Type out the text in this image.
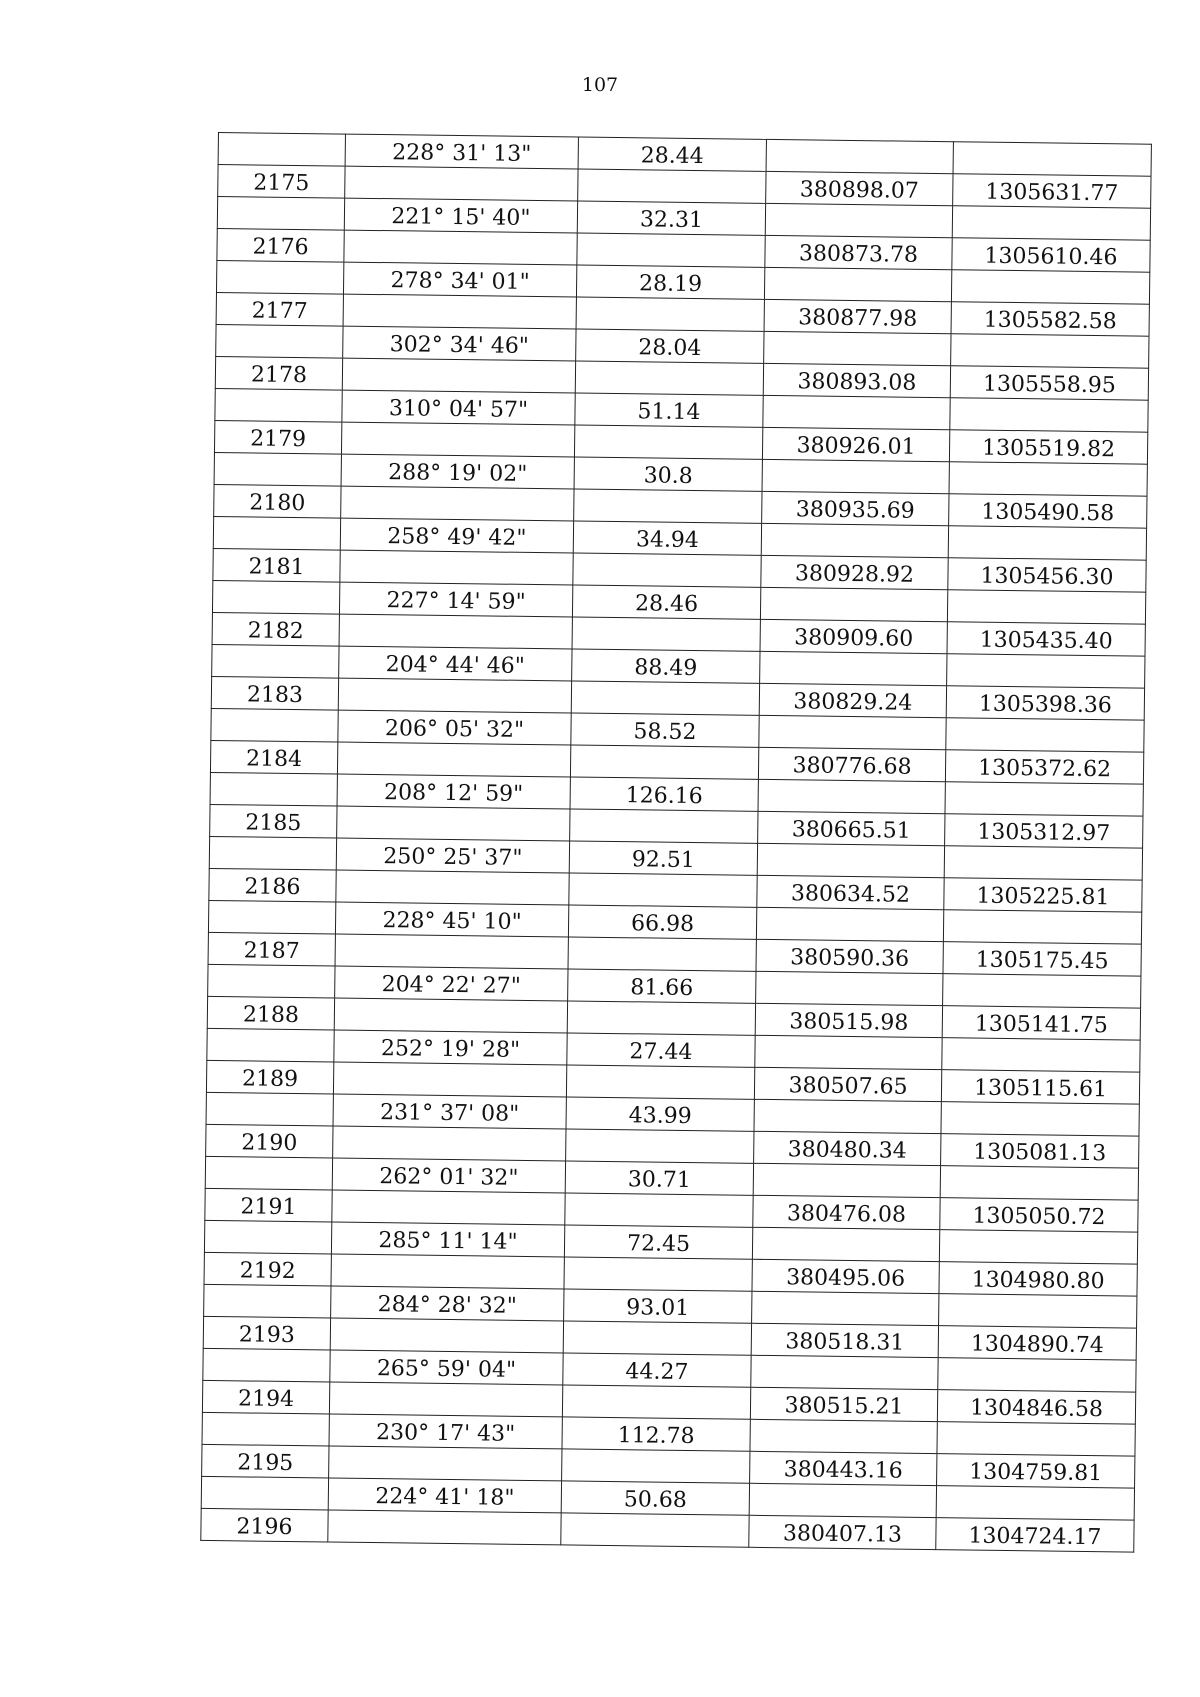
107
	228° 31' 13"	28.44		
2175			380898.07	1305631.77
	221° 15' 40"	32.31		
2176			380873.78	1305610.46
	278° 34' 01"	28.19		
2177			380877.98	1305582.58
	302° 34' 46"	28.04		
2178			380893.08	1305558.95
	310° 04' 57"	51.14		
2179			380926.01	1305519.82
	288° 19' 02"	30.8		
2180			380935.69	1305490.58
	258° 49' 42"	34.94		
2181			380928.92	1305456.30
	227° 14' 59"	28.46		
2182			380909.60	1305435.40
	204° 44' 46"	88.49		
2183			380829.24	1305398.36
	206° 05' 32"	58.52		
2184			380776.68	1305372.62
	208° 12' 59"	126.16		
2185			380665.51	1305312.97
	250° 25' 37"	92.51		
2186			380634.52	1305225.81
	228° 45' 10"	66.98		
2187			380590.36	1305175.45
	204° 22' 27"	81.66		
2188			380515.98	1305141.75
	252° 19' 28"	27.44		
2189			380507.65	1305115.61
	231° 37' 08"	43.99		
2190			380480.34	1305081.13
	262° 01' 32"	30.71		
2191			380476.08	1305050.72
	285° 11' 14"	72.45		
2192			380495.06	1304980.80
	284° 28' 32"	93.01		
2193			380518.31	1304890.74
	265° 59' 04"	44.27		
2194			380515.21	1304846.58
	230° 17' 43"	112.78		
2195			380443.16	1304759.81
	224° 41' 18"	50.68		
2196			380407.13	1304724.17
